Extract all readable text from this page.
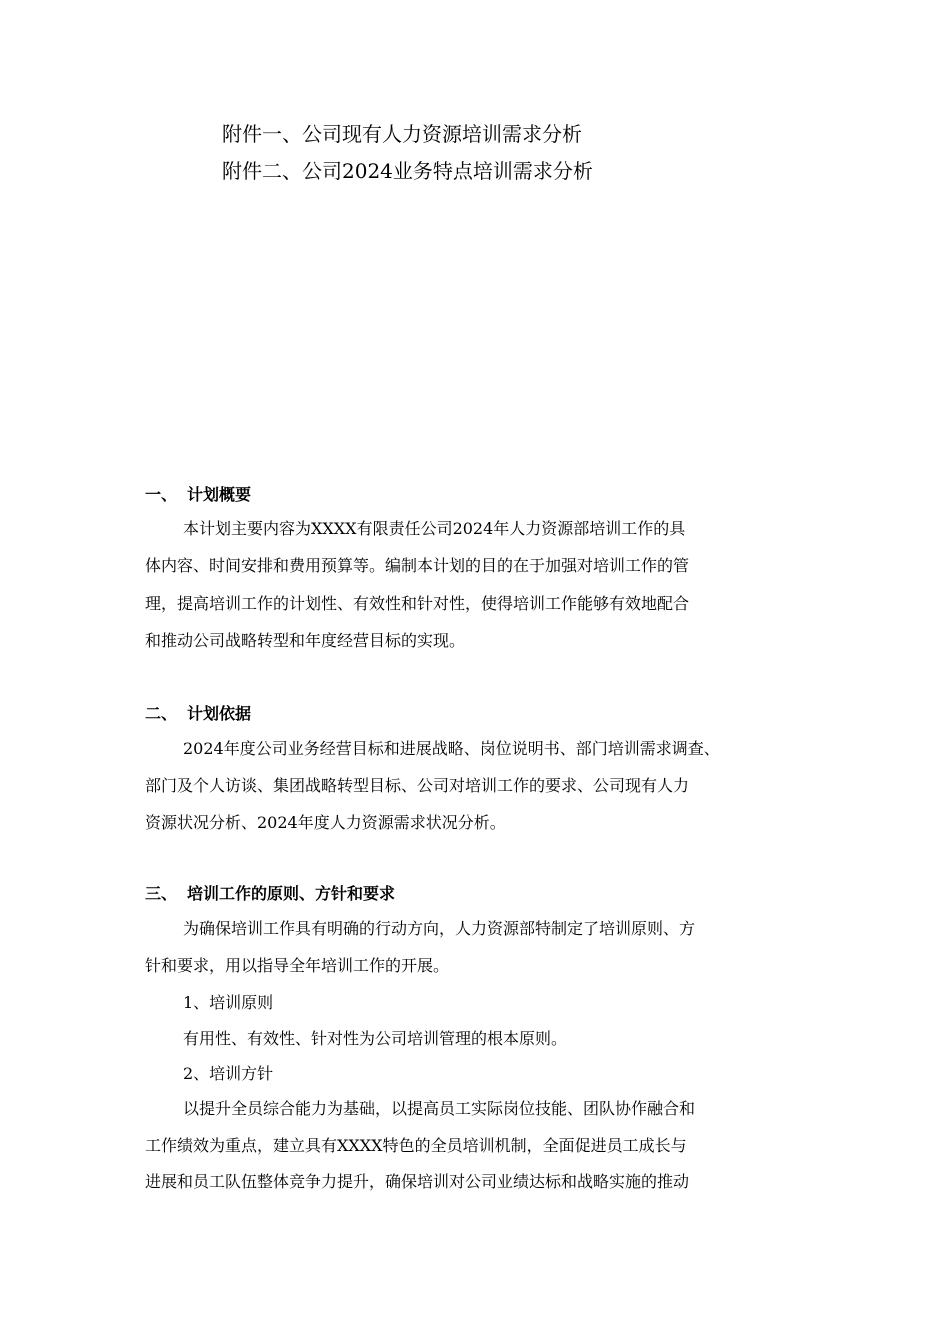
附件一、公司现有人力资源培训需求分析
附件二、公司2024业务特点培训需求分析
一、 计划概要
本计划主要内容为XXXX有限责任公司2024年人力资源部培训工作的具
体内容、时间安排和费用预算等。编制本计划的目的在于加强对培训工作的管
理，提高培训工作的计划性、有效性和针对性，使得培训工作能够有效地配合
和推动公司战略转型和年度经营目标的实现。
二、 计划依据
2024年度公司业务经营目标和进展战略、岗位说明书、部门培训需求调查、
部门及个人访谈、集团战略转型目标、公司对培训工作的要求、公司现有人力
资源状况分析、2024年度人力资源需求状况分析。
三、 培训工作的原则、方针和要求
为确保培训工作具有明确的行动方向，人力资源部特制定了培训原则、方
针和要求，用以指导全年培训工作的开展。
1、培训原则
有用性、有效性、针对性为公司培训管理的根本原则。
2、培训方针
以提升全员综合能力为基础，以提高员工实际岗位技能、团队协作融合和
工作绩效为重点，建立具有XXXX特色的全员培训机制，全面促进员工成长与
进展和员工队伍整体竞争力提升，确保培训对公司业绩达标和战略实施的推动
